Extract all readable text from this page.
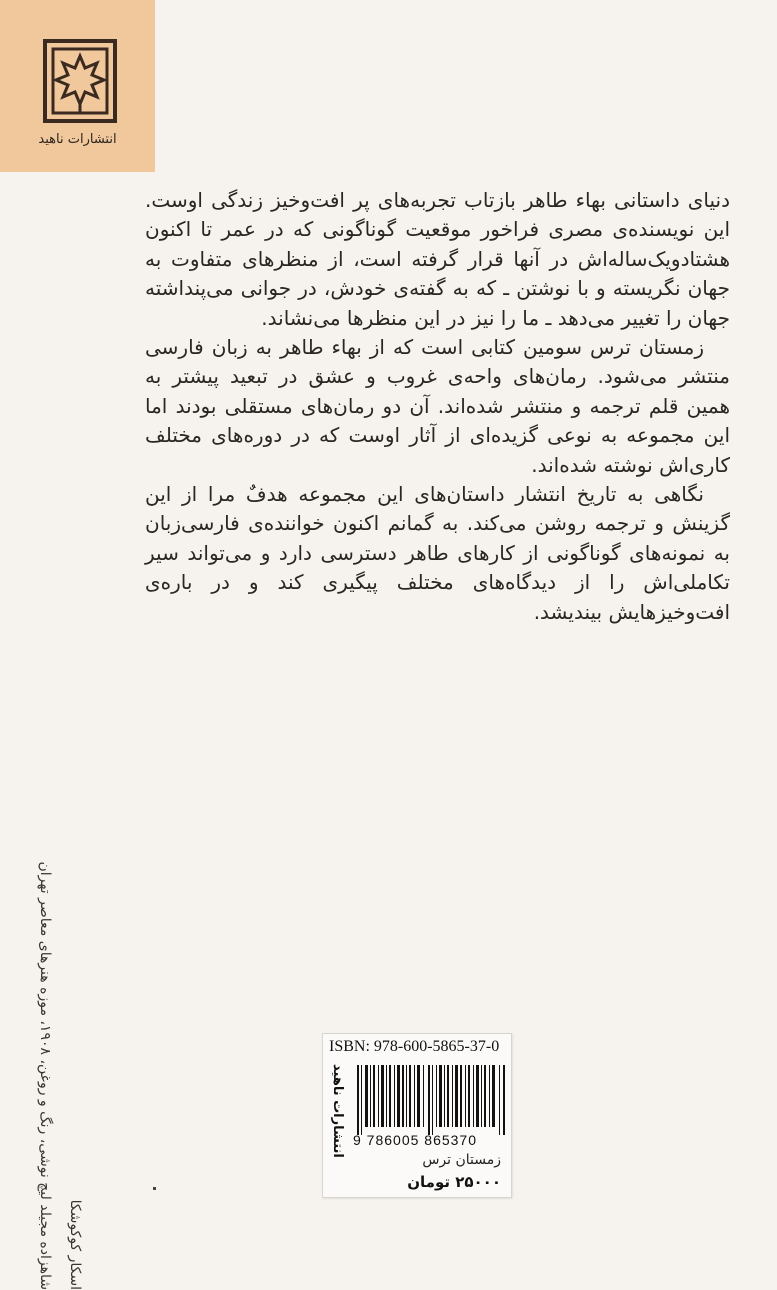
انتشارات ناهید

دنیای داستانی بهاء طاهر بازتاب تجربه‌های پر افت‌وخیز زندگی اوست. این نویسنده‌ی مصری فراخور موقعیت گوناگونی که در عمر تا اکنون هشتادویک‌ساله‌اش در آنها قرار گرفته است، از منظرهای متفاوت به جهان نگریسته و با نوشتن ـ که به گفته‌ی خودش، در جوانی می‌پنداشته جهان را تغییر می‌دهد ـ ما را نیز در این منظرها می‌نشاند.

زمستان ترس سومین کتابی است که از بهاء طاهر به زبان فارسی منتشر می‌شود. رمان‌های واحه‌ی غروب و عشق در تبعید پیشتر به همین قلم ترجمه و منتشر شده‌اند. آن دو رمان‌های مستقلی بودند اما این مجموعه به نوعی گزیده‌ای از آثار اوست که در دوره‌های مختلف کاری‌اش نوشته شده‌اند.

نگاهی به تاریخ انتشار داستان‌های این مجموعه هدفٌ مرا از این گزینش و ترجمه روشن می‌کند. به گمانم اکنون خواننده‌ی فارسی‌زبان به نمونه‌های گوناگونی از کارهای طاهر دسترسی دارد و می‌تواند سیر تکاملی‌اش را از دیدگاه‌های مختلف پیگیری کند و در باره‌ی افت‌وخیزهایش بیندیشد.

اسکار کوکوشکا
شاهزاده مجیلد لیچ نوشی، رنگ و روغن، ۱۹۰۸، موزه هنرهای معاصر تهران
ISBN: 978-600-5865-37-0
انتشارات ناهید 9 786005 865370
زمستان ترس
۲۵۰۰۰ تومان
